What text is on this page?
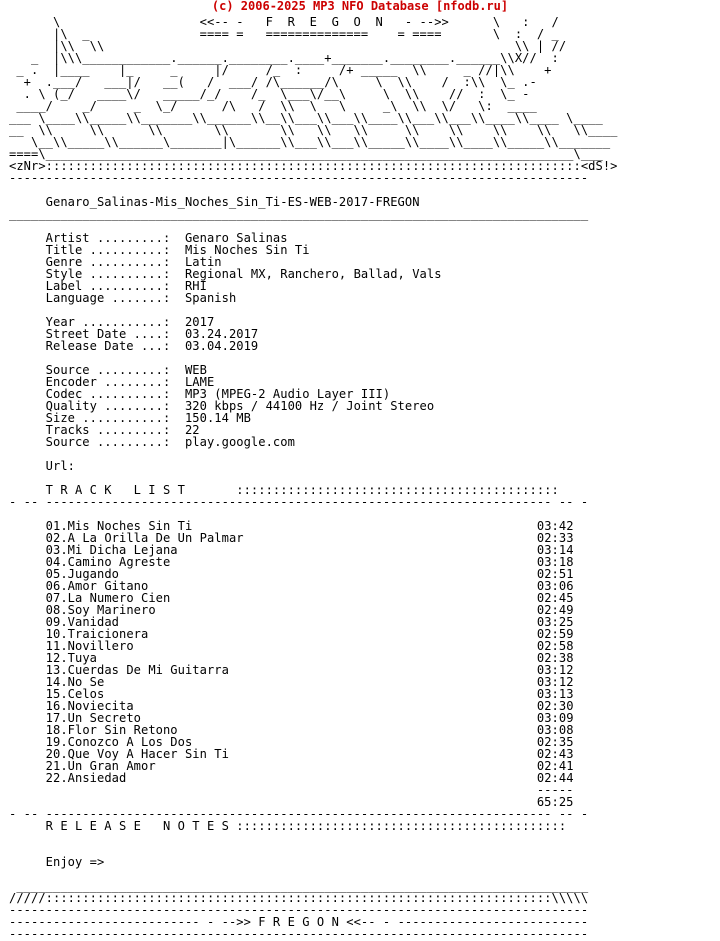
(c) 2006-2025 MP3 NFO Database [nfodb.ru]
\                   <<-- -   F  R  E  G  O  N   - -->>      \   :   /
|\  _               ==== =   ==============    = ====       \  :  / _
|\\  \\                                                        \\ | //
_  |\\\____________.______.________.____+_______.________.______\\X//  :
_ .  |____    |_     _     |/     /_  :     /+ _____  \\     _ //|\\    +
+  .___/   ___|/   __(   /  ___/ /\______/\     \  \\    /  :\\  \_ .-
. \ (_/   ____\/   _____/_/    /_  \___\/__\     \  \\    //  :  \_ -
____/    _/     _  \_/      /\   /  \\  \   \     _\  \\  \/   \:  ____
___ \____\\_____\\_______\\______\\__\\___\\___\\____\\___\\___\\____\\____ \____
__  \\     \\      \\       \\       \\   \\   \\     \\    \\    \\    \\   \\____
\__\\_____\\______\_______|\______\\___\\___\\_____\\____\\____\\_____\\_______
====\________________________________________________________________________\___
<zNr>:::::::::::::::::::::::::::::::::::::::::::::::::::::::::::::::::::::::::<dS!>
-------------------------------------------------------------------------------

Genaro_Salinas-Mis_Noches_Sin_Ti-ES-WEB-2017-FREGON
_______________________________________________________________________________

Artist .........:  Genaro Salinas
Title ..........:  Mis Noches Sin Ti
Genre ..........:  Latin
Style ..........:  Regional MX, Ranchero, Ballad, Vals
Label ..........:  RHI
Language .......:  Spanish

Year ...........:  2017
Street Date ....:  03.24.2017
Release Date ...:  03.04.2019

Source .........:  WEB
Encoder ........:  LAME
Codec ..........:  MP3 (MPEG-2 Audio Layer III)
Quality ........:  320 kbps / 44100 Hz / Joint Stereo
Size ...........:  150.14 MB
Tracks .........:  22
Source .........:  play.google.com

Url:

T R A C K   L I S T       ::::::::::::::::::::::::::::::::::::::::::::
- -- --------------------------------------------------------------------- -- -

01.Mis Noches Sin Ti	03:42
02.A La Orilla De Un Palmar	02:33
03.Mi Dicha Lejana	03:14
04.Camino Agreste	03:18
05.Jugando	02:51
06.Amor Gitano	03:06
07.La Numero Cien	02:45
08.Soy Marinero	02:49
09.Vanidad	03:25
10.Traicionera	02:59
11.Novillero	02:58
12.Tuya	02:38
13.Cuerdas De Mi Guitarra	03:12
14.No Se	03:12
15.Celos	03:13
16.Noviecita	02:30
17.Un Secreto	03:09
18.Flor Sin Retono	03:08
19.Conozco A Los Dos	02:35
20.Que Voy A Hacer Sin Ti	02:43
21.Un Gran Amor	02:41
22.Ansiedad	02:44
-----
65:25
- -- --------------------------------------------------------------------- -- -
R E L E A S E   N O T E S :::::::::::::::::::::::::::::::::::::::::::::

Enjoy =>

______________________________________________________________________________
/////:::::::::::::::::::::::::::::::::::::::::::::::::::::::::::::::::::::\\\\\
-------------------------------------------------------------------------------
-------------------------- - -->> F R E G O N <<-- - --------------------------
-------------------------------------------------------------------------------
